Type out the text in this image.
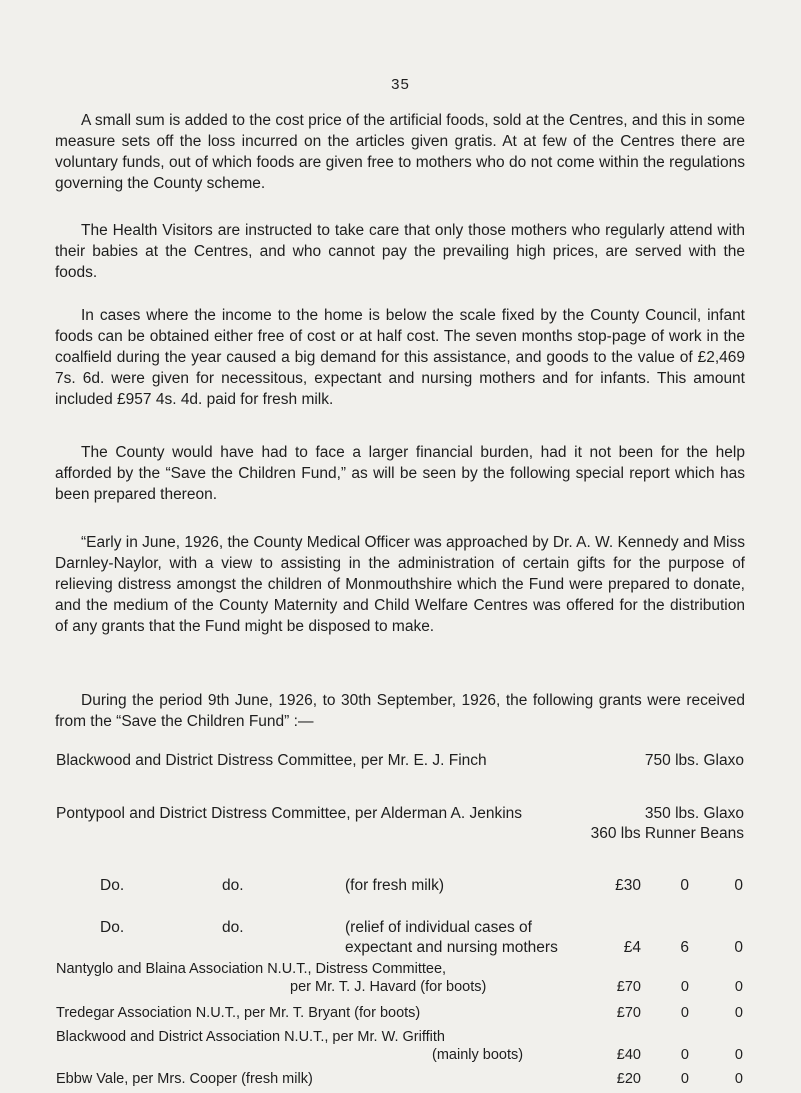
35

A small sum is added to the cost price of the artificial foods, sold at the Centres, and this in some measure sets off the loss incurred on the articles given gratis. At at few of the Centres there are voluntary funds, out of which foods are given free to mothers who do not come within the regulations governing the County scheme.

The Health Visitors are instructed to take care that only those mothers who regularly attend with their babies at the Centres, and who cannot pay the prevailing high prices, are served with the foods.

In cases where the income to the home is below the scale fixed by the County Council, infant foods can be obtained either free of cost or at half cost. The seven months stop-page of work in the coalfield during the year caused a big demand for this assistance, and goods to the value of £2,469 7s. 6d. were given for necessitous, expectant and nursing mothers and for infants. This amount included £957 4s. 4d. paid for fresh milk.

The County would have had to face a larger financial burden, had it not been for the help afforded by the “Save the Children Fund,” as will be seen by the following special report which has been prepared thereon.

“Early in June, 1926, the County Medical Officer was approached by Dr. A. W. Kennedy and Miss Darnley-Naylor, with a view to assisting in the administration of certain gifts for the purpose of relieving distress amongst the children of Monmouthshire which the Fund were prepared to donate, and the medium of the County Maternity and Child Welfare Centres was offered for the distribution of any grants that the Fund might be disposed to make.

During the period 9th June, 1926, to 30th September, 1926, the following grants were received from the “Save the Children Fund” :—

Blackwood and District Distress Committee, per Mr. E. J. Finch	750 lbs. Glaxo
Pontypool and District Distress Committee, per Alderman A. Jenkins	350 lbs. Glaxo
360 lbs Runner Beans
Do.	do.	(for fresh milk)	£30	0	0
Do.	do.	(relief of individual cases of
expectant and nursing mothers	£4	6	0
Nantyglo and Blaina Association N.U.T., Distress Committee,
per Mr. T. J. Havard (for boots)	£70	0	0
Tredegar Association N.U.T., per Mr. T. Bryant (for boots)	£70	0	0
Blackwood and District Association N.U.T., per Mr. W. Griffith
(mainly boots)	£40	0	0
Ebbw Vale, per Mrs. Cooper (fresh milk)	£20	0	0
